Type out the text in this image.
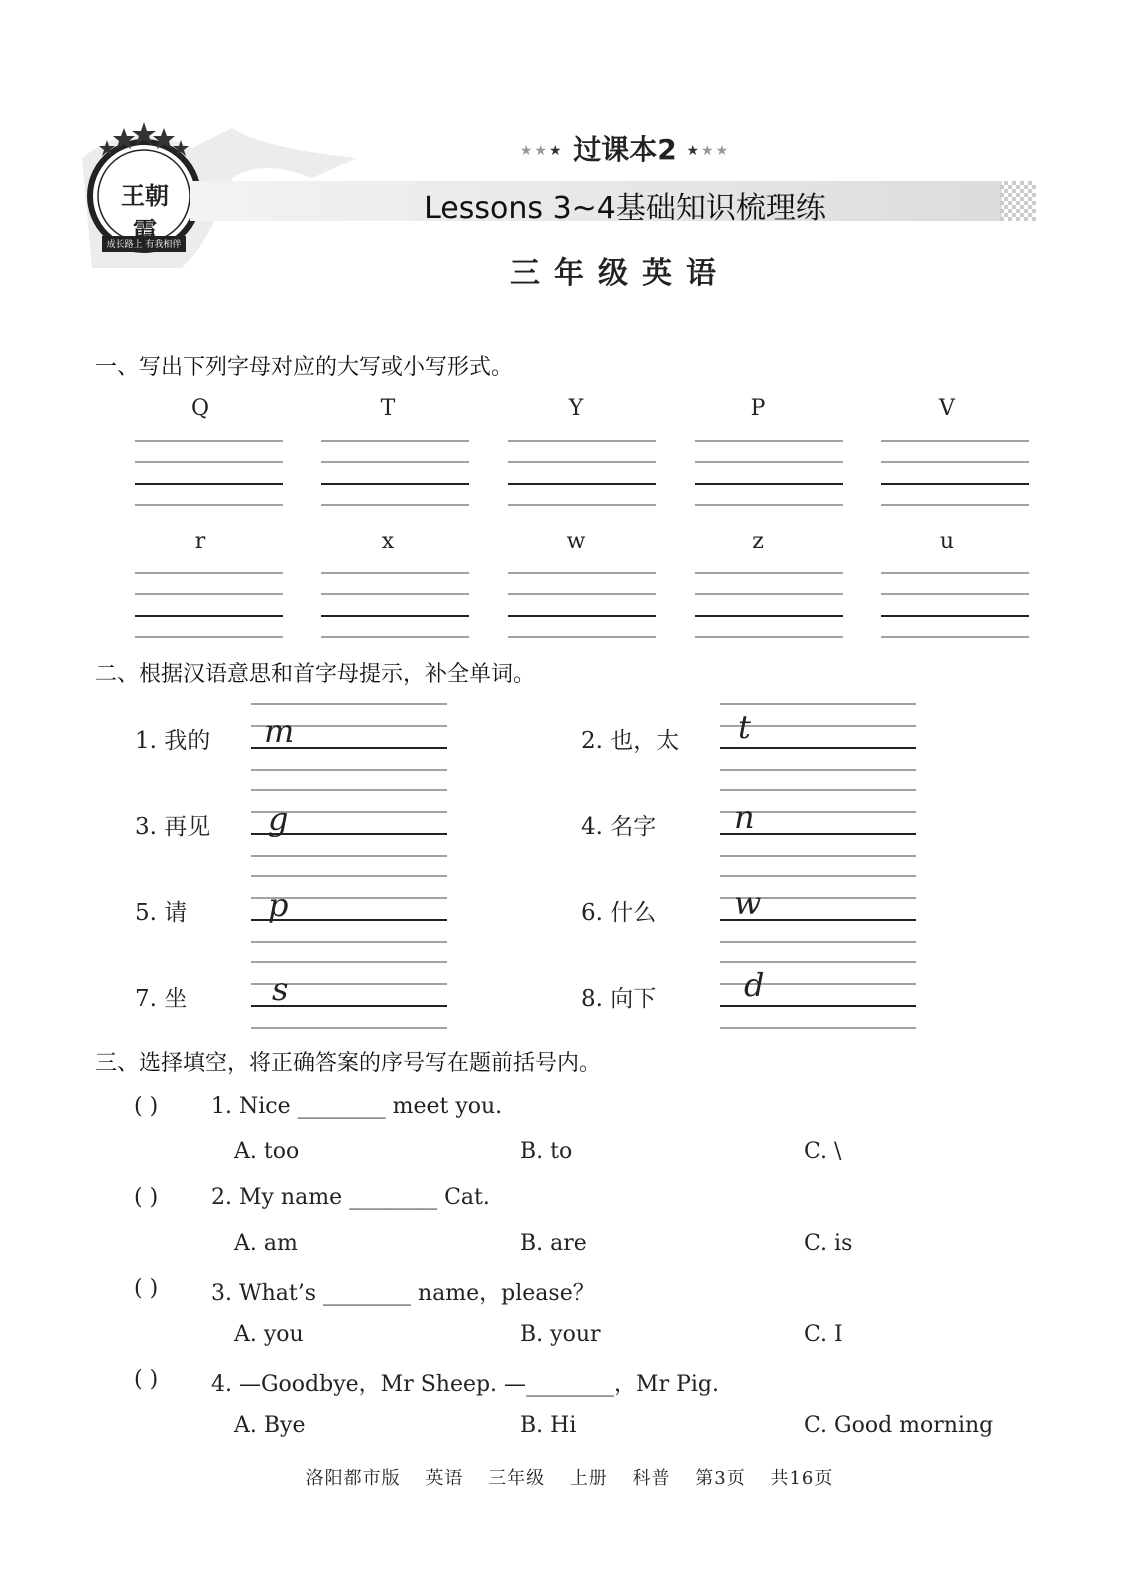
王朝霞
成长路上 有我相伴
★★★ 过课本2 ★★★
Lessons 3~4基础知识梳理练
三年级英语
一、写出下列字母对应的大写或小写形式。
Q	T	Y	P	V
r	x	w	z	u
二、根据汉语意思和首字母提示，补全单词。
1. 我的 m	2. 也，太 t
3. 再见 g	4. 名字 n
5. 请	p	6. 什么 w
7. 坐	s	8. 向下	d
三、选择填空，将正确答案的序号写在题前括号内。
( ) 1. Nice ________ meet you.
A. too	B. to	C. \
( ) 2. My name ________ Cat.
A. am	B. are	C. is
( ) 3. What’s ________ name，please？
A. you	B. your	C. I
( ) 4. —Goodbye，Mr Sheep. —________，Mr Pig.
A. Bye	B. Hi	C. Good morning
洛阳都市版 英语 三年级 上册 科普 第3页 共16页
